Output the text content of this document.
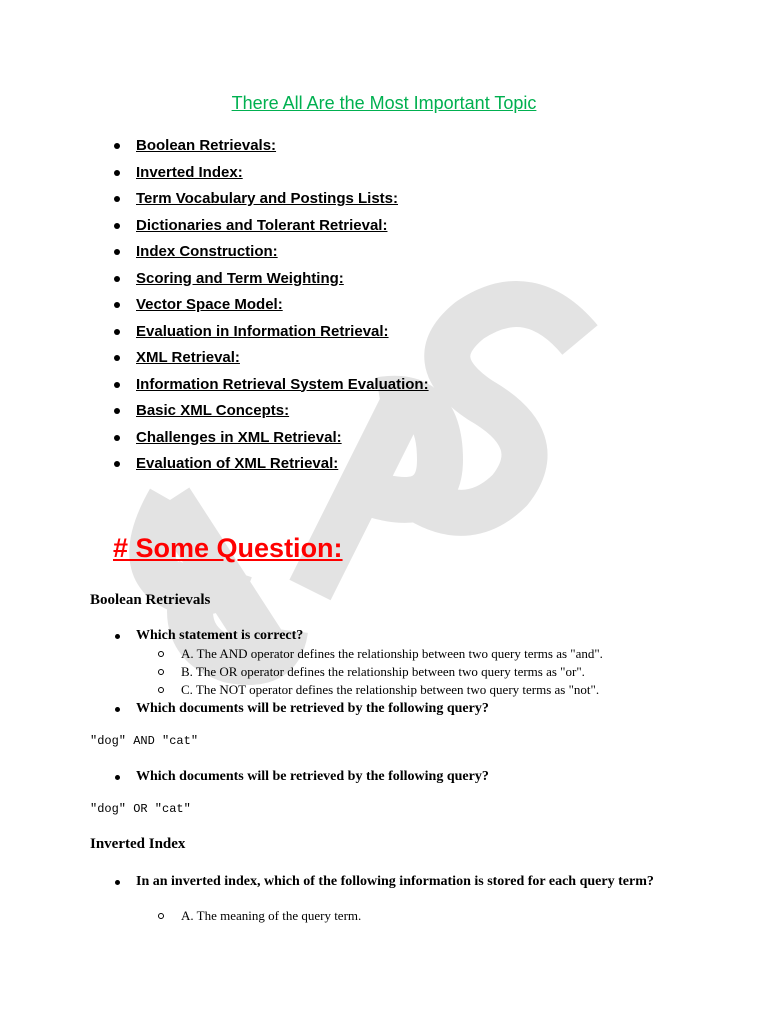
There All Are the Most Important Topic
Boolean Retrievals:
Inverted Index:
Term Vocabulary and Postings Lists:
Dictionaries and Tolerant Retrieval:
Index Construction:
Scoring and Term Weighting:
Vector Space Model:
Evaluation in Information Retrieval:
XML Retrieval:
Information Retrieval System Evaluation:
Basic XML Concepts:
Challenges in XML Retrieval:
Evaluation of XML Retrieval:
# Some Question:
Boolean Retrievals
Which statement is correct?
A. The AND operator defines the relationship between two query terms as "and".
B. The OR operator defines the relationship between two query terms as "or".
C. The NOT operator defines the relationship between two query terms as "not".
Which documents will be retrieved by the following query?
"dog" AND "cat"
Which documents will be retrieved by the following query?
"dog" OR "cat"
Inverted Index
In an inverted index, which of the following information is stored for each query term?
A. The meaning of the query term.
